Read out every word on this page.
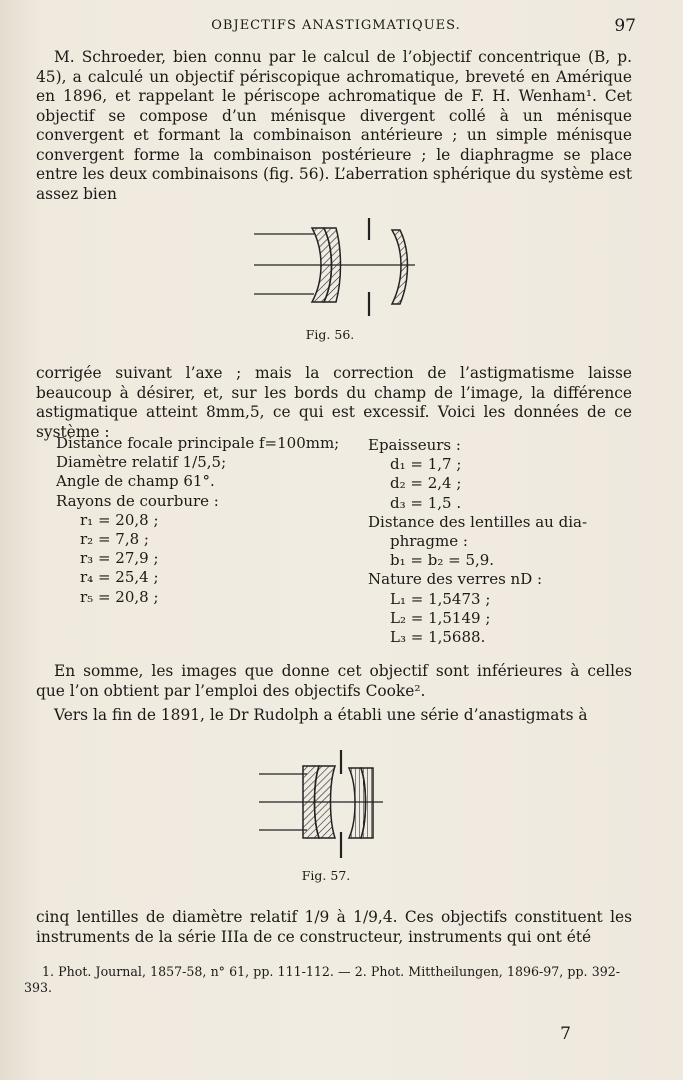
OBJECTIFS ANASTIGMATIQUES.	97

M. Schroeder, bien connu par le calcul de l’objectif concentrique (B, p. 45), a calculé un objectif périscopique achromatique, breveté en Amérique en 1896, et rappelant le périscope achromatique de F. H. Wenham¹. Cet objectif se compose d’un ménisque divergent collé à un ménisque convergent et formant la combinaison antérieure ; un simple ménisque convergent forme la combinaison postérieure ; le diaphragme se place entre les deux combinaisons (fig. 56). L’aberration sphérique du système est assez bien

Fig. 56.

corrigée suivant l’axe ; mais la correction de l’astigmatisme laisse beaucoup à désirer, et, sur les bords du champ de l’image, la différence astigmatique atteint 8mm,5, ce qui est excessif. Voici les données de ce système :

Distance focale principale f=100mm;
Diamètre relatif 1/5,5;
Angle de champ 61°.
Rayons de courbure :
r₁ = 20,8 ;
r₂ = 7,8 ;
r₃ = 27,9 ;
r₄ = 25,4 ;
r₅ = 20,8 ;
Epaisseurs :
d₁ = 1,7 ;
d₂ = 2,4 ;
d₃ = 1,5 .
Distance des lentilles au dia-
phragme :
b₁ = b₂ = 5,9.
Nature des verres nD :
L₁ = 1,5473 ;
L₂ = 1,5149 ;
L₃ = 1,5688.

En somme, les images que donne cet objectif sont inférieures à celles que l’on obtient par l’emploi des objectifs Cooke².

Vers la fin de 1891, le Dr Rudolph a établi une série d’anastigmats à

Fig. 57.

cinq lentilles de diamètre relatif 1/9 à 1/9,4. Ces objectifs constituent les instruments de la série IIIa de ce constructeur, instruments qui ont été

1. Phot. Journal, 1857-58, n° 61, pp. 111-112. — 2. Phot. Mittheilungen, 1896-97, pp. 392-393.

7
